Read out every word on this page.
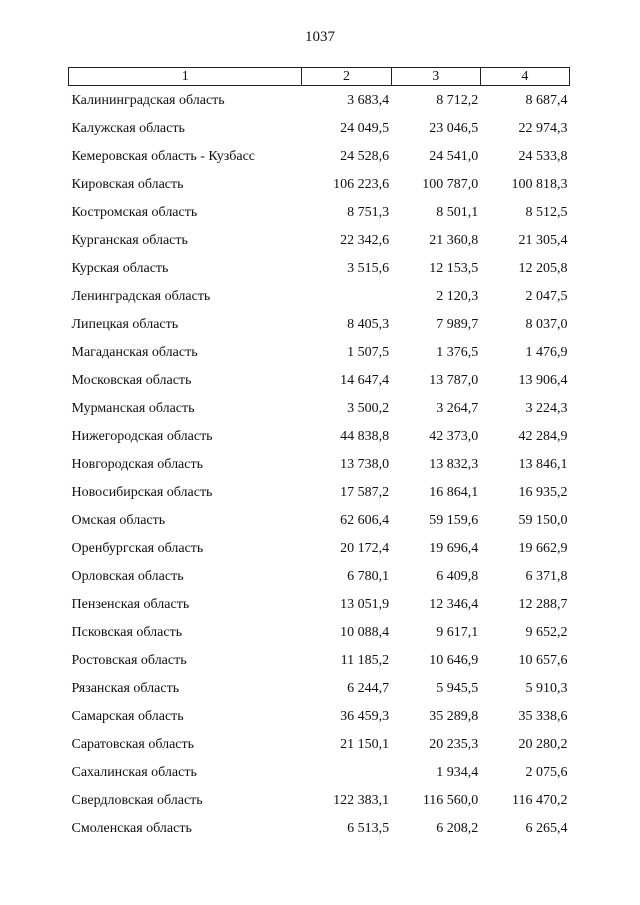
1037
1	2	3	4
Калининградская область	3 683,4	8 712,2	8 687,4
Калужская область	24 049,5	23 046,5	22 974,3
Кемеровская область - Кузбасс	24 528,6	24 541,0	24 533,8
Кировская область	106 223,6	100 787,0	100 818,3
Костромская область	8 751,3	8 501,1	8 512,5
Курганская область	22 342,6	21 360,8	21 305,4
Курская область	3 515,6	12 153,5	12 205,8
Ленинградская область		2 120,3	2 047,5
Липецкая область	8 405,3	7 989,7	8 037,0
Магаданская область	1 507,5	1 376,5	1 476,9
Московская область	14 647,4	13 787,0	13 906,4
Мурманская область	3 500,2	3 264,7	3 224,3
Нижегородская область	44 838,8	42 373,0	42 284,9
Новгородская область	13 738,0	13 832,3	13 846,1
Новосибирская область	17 587,2	16 864,1	16 935,2
Омская область	62 606,4	59 159,6	59 150,0
Оренбургская область	20 172,4	19 696,4	19 662,9
Орловская область	6 780,1	6 409,8	6 371,8
Пензенская область	13 051,9	12 346,4	12 288,7
Псковская область	10 088,4	9 617,1	9 652,2
Ростовская область	11 185,2	10 646,9	10 657,6
Рязанская область	6 244,7	5 945,5	5 910,3
Самарская область	36 459,3	35 289,8	35 338,6
Саратовская область	21 150,1	20 235,3	20 280,2
Сахалинская область		1 934,4	2 075,6
Свердловская область	122 383,1	116 560,0	116 470,2
Смоленская область	6 513,5	6 208,2	6 265,4
